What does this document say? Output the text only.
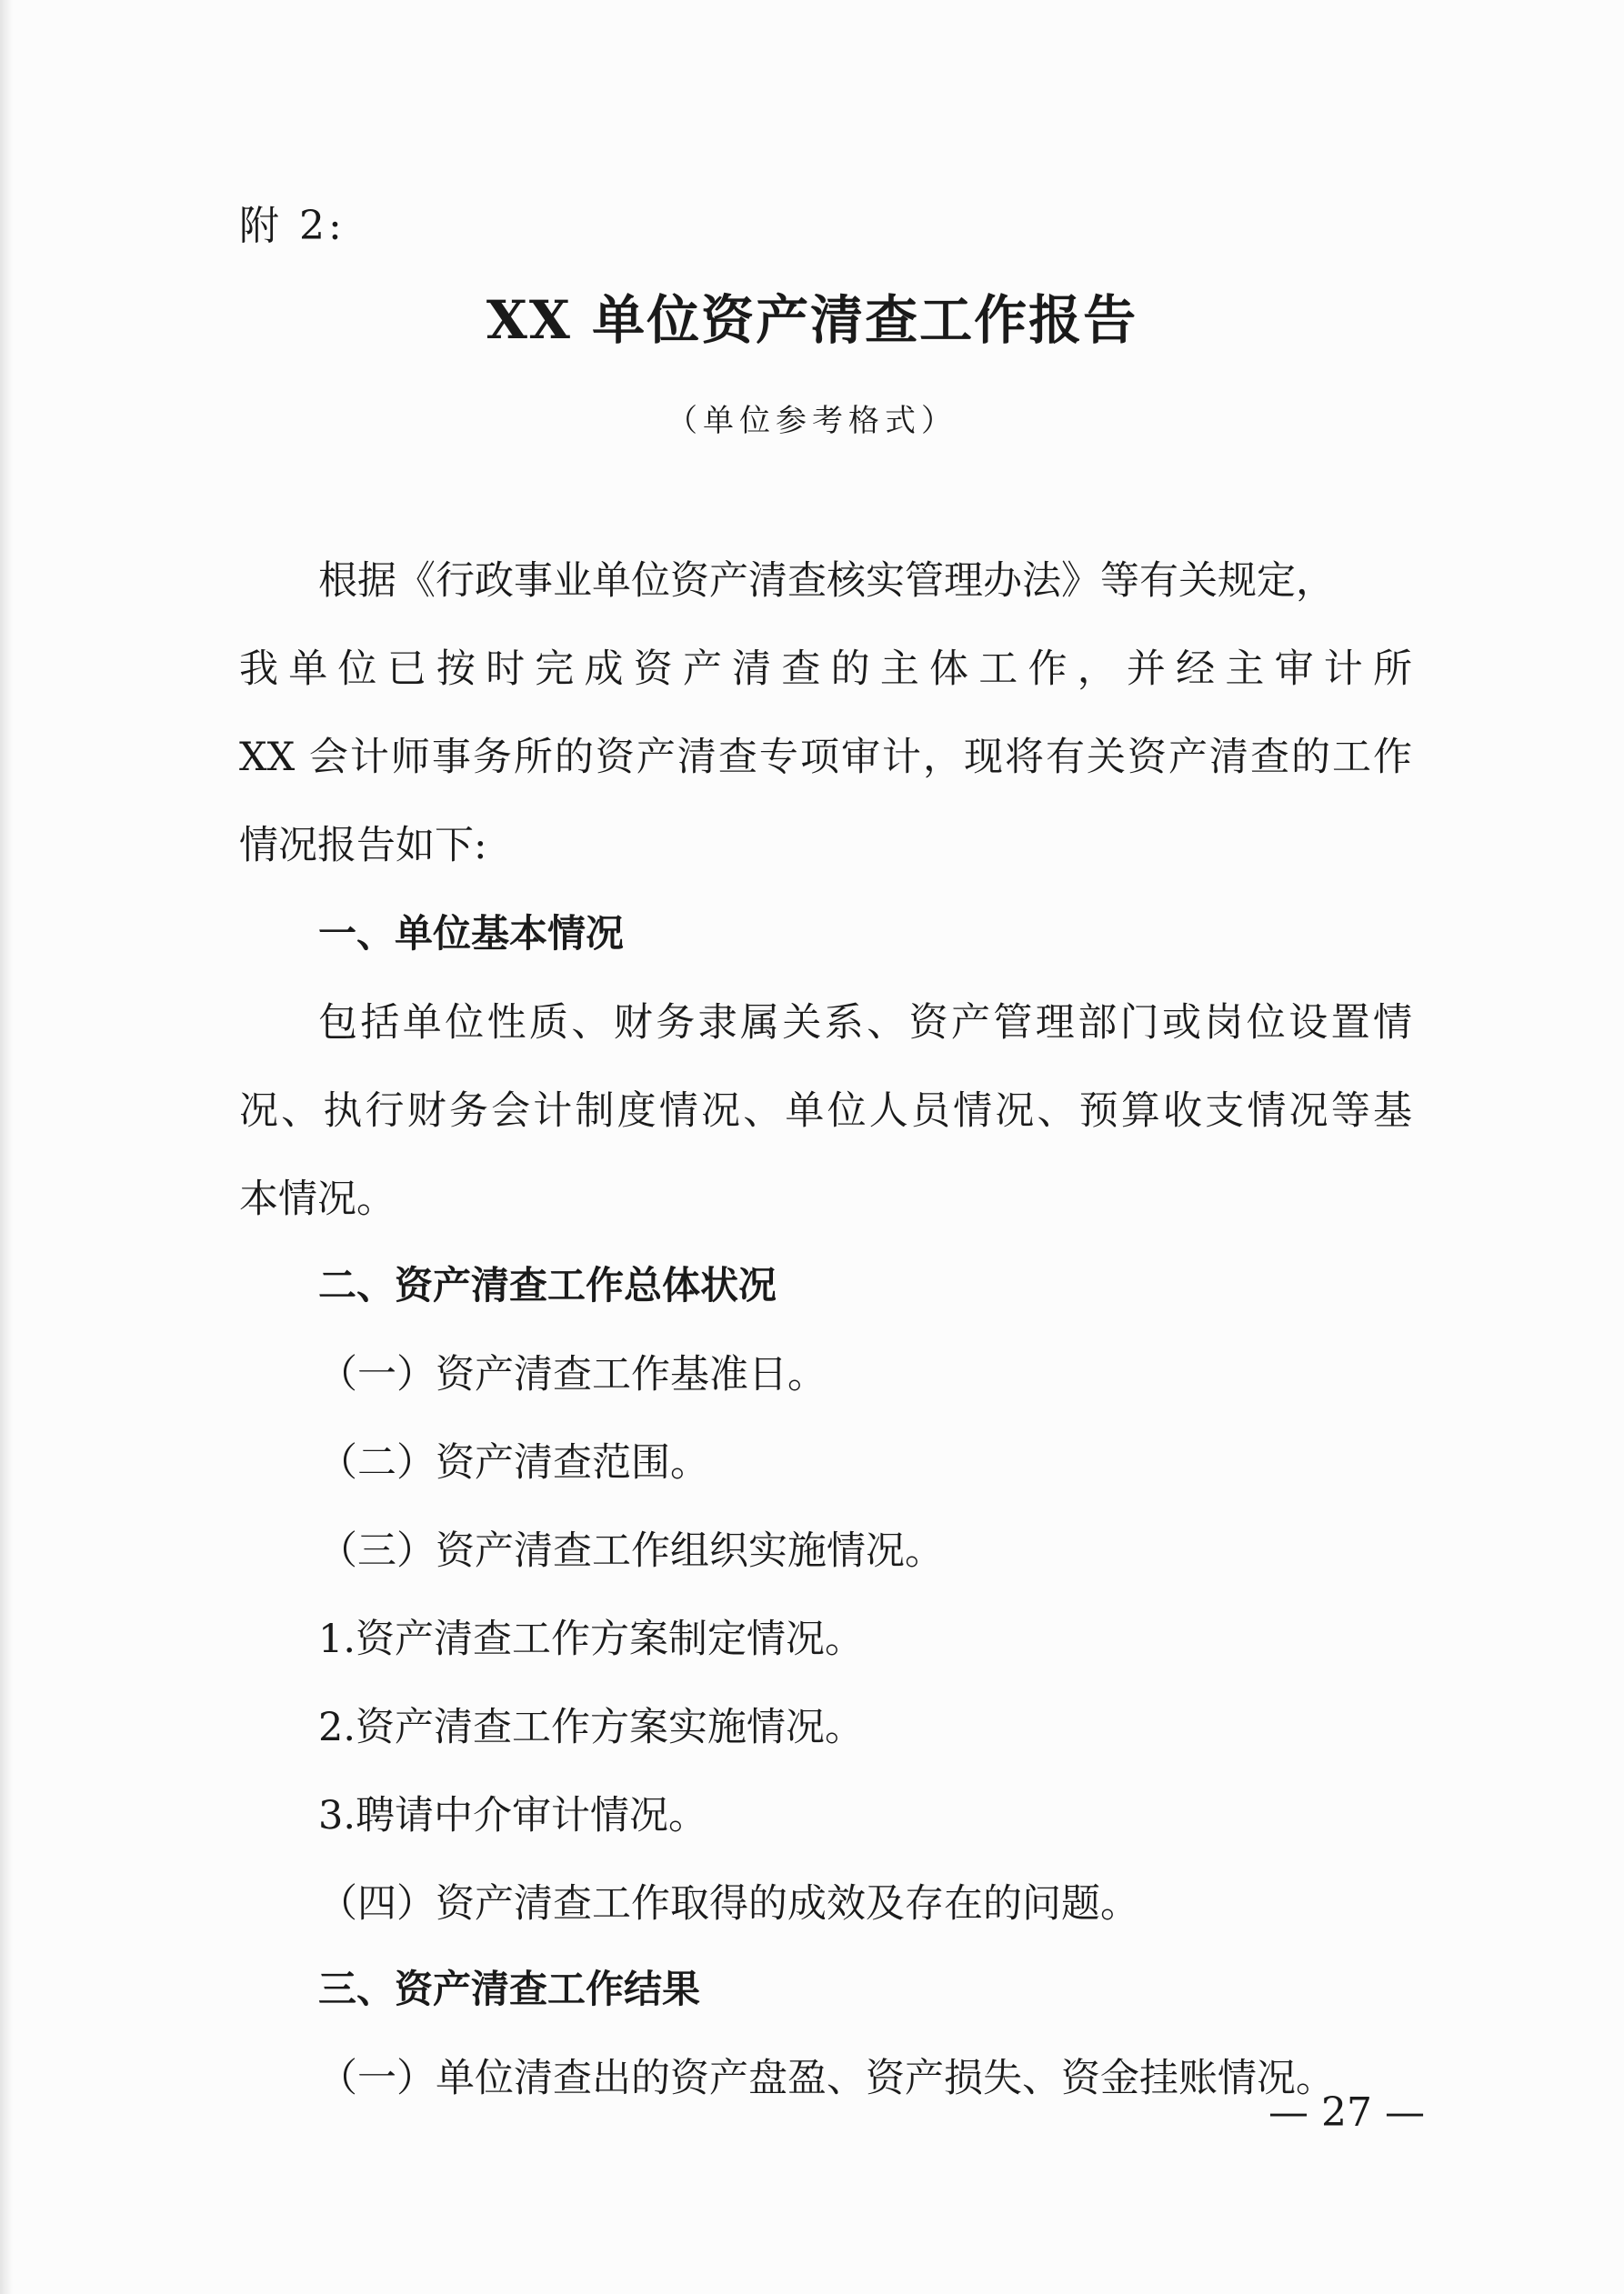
附 2:
XX 单位资产清查工作报告
（单位参考格式）
根据《行政事业单位资产清查核实管理办法》等有关规定，
我单位已按时完成资产清查的主体工作，并经主审计所
XX 会计师事务所的资产清查专项审计，现将有关资产清查的工作
情况报告如下:
一、单位基本情况
包括单位性质、财务隶属关系、资产管理部门或岗位设置情
况、执行财务会计制度情况、单位人员情况、预算收支情况等基
本情况。
二、资产清查工作总体状况
（一）资产清查工作基准日。
（二）资产清查范围。
（三）资产清查工作组织实施情况。
1.资产清查工作方案制定情况。
2.资产清查工作方案实施情况。
3.聘请中介审计情况。
（四）资产清查工作取得的成效及存在的问题。
三、资产清查工作结果
（一）单位清查出的资产盘盈、资产损失、资金挂账情况。
— 27 —
